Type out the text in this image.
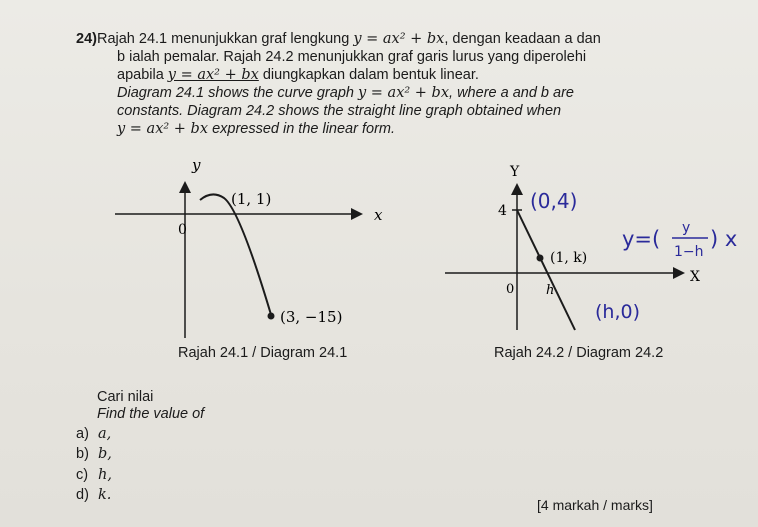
24)Rajah 24.1 menunjukkan graf lengkung y = ax² + bx, dengan keadaan a dan
b ialah pemalar. Rajah 24.2 menunjukkan graf garis lurus yang diperolehi
apabila y = ax² + bx diungkapkan dalam bentuk linear.
Diagram 24.1 shows the curve graph y = ax² + bx, where a and b are
constants. Diagram 24.2 shows the straight line graph obtained when
y = ax² + bx expressed in the linear form.
y
x
0
(1, 1)
(3, −15)
Y
X
0
4
(1, k)
h
(0,4)
(h,0)
y=( y
1−h
) x
Rajah 24.1 / Diagram 24.1	Rajah 24.2 / Diagram 24.2
Cari nilai
Find the value of
a) a,
b) b,
c) h,
d) k.
[4 markah / marks]
